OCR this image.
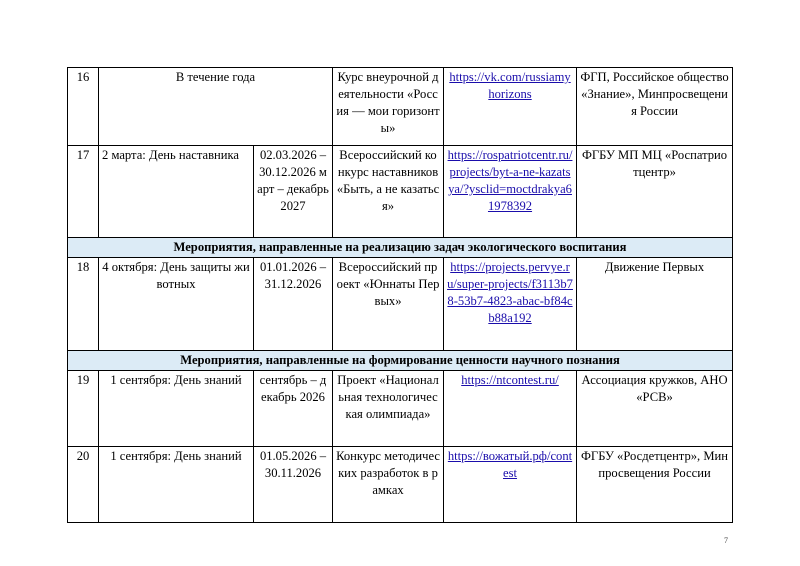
16	В течение года		Курс внеурочной деятельности «Россия — мои горизонты»	https://vk.com/russiamyhorizons	ФГП, Российское общество «Знание», Минпросвещения России
17	2 марта: День наставника	02.03.2026 – 30.12.2026 март – декабрь 2027	Всероссийский конкурс наставников «Быть, а не казаться»	https://rospatriotcentr.ru/projects/byt-a-ne-kazatsya/?ysclid=moctdrakya61978392	ФГБУ МП МЦ «Роспатриотцентр»
Мероприятия, направленные на реализацию задач экологического воспитания					
18	4 октября: День защиты животных	01.01.2026 – 31.12.2026	Всероссийский проект «Юннаты Первых»	https://projects.pervye.ru/super-projects/f3113b78-53b7-4823-abac-bf84cb88a192	Движение Первых
Мероприятия, направленные на формирование ценности научного познания					
19	1 сентября: День знаний	сентябрь – декабрь 2026	Проект «Национальная технологическая олимпиада»	https://ntcontest.ru/	Ассоциация кружков, АНО «РСВ»
20	1 сентября: День знаний	01.05.2026 – 30.11.2026	Конкурс методических разработок в рамках	https://вожатый.рф/contest	ФГБУ «Росдетцентр», Минпросвещения России
7
